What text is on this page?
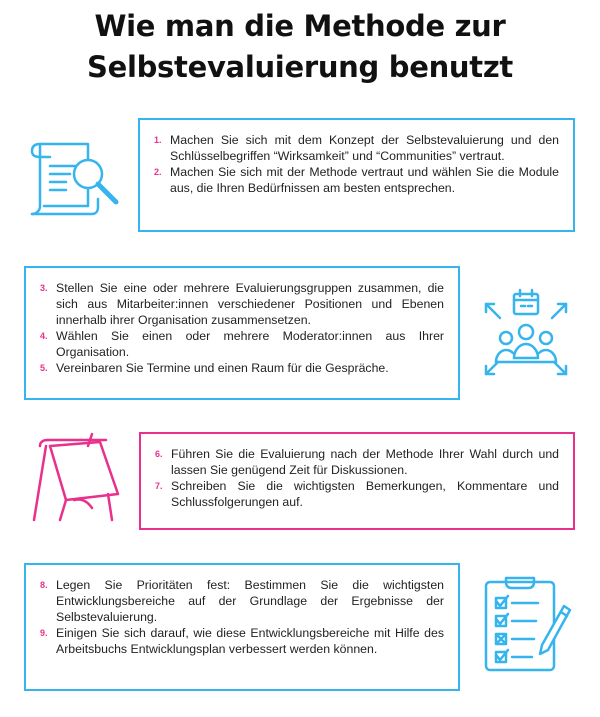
Wie man die Methode zur
Selbstevaluierung benutzt
1. Machen Sie sich mit dem Konzept der Selbstevaluierung und den Schlüsselbegriffen “Wirksamkeit” und “Communities” vertraut.
2. Machen Sie sich mit der Methode vertraut und wählen Sie die Module aus, die Ihren Bedürfnissen am besten entsprechen.
3. Stellen Sie eine oder mehrere Evaluierungsgruppen zusammen, die sich aus Mitarbeiter:innen verschiedener Positionen und Ebenen innerhalb ihrer Organisation zusammensetzen.
4. Wählen Sie einen oder mehrere Moderator:innen aus Ihrer Organisation.
5. Vereinbaren Sie Termine und einen Raum für die Gespräche.
6. Führen Sie die Evaluierung nach der Methode Ihrer Wahl durch und lassen Sie genügend Zeit für Diskussionen.
7. Schreiben Sie die wichtigsten Bemerkungen, Kommentare und Schlussfolgerungen auf.
8. Legen Sie Prioritäten fest: Bestimmen Sie die wichtigsten Entwicklungsbereiche auf der Grundlage der Ergebnisse der Selbstevaluierung.
9. Einigen Sie sich darauf, wie diese Entwicklungsbereiche mit Hilfe des Arbeitsbuchs Entwicklungsplan verbessert werden können.
